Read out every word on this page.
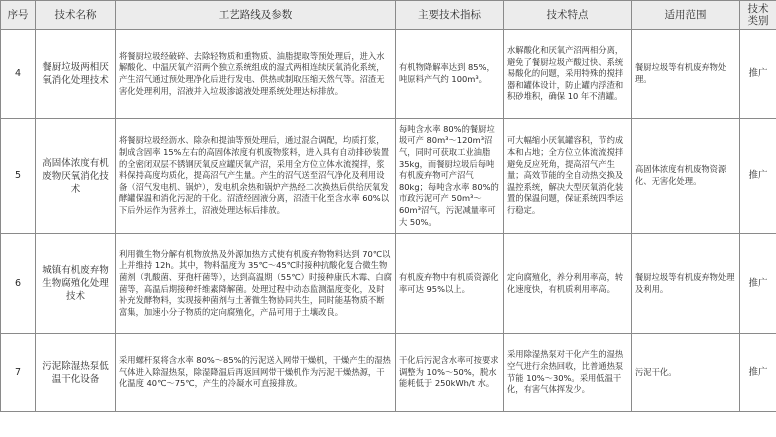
序号	技术名称	工艺路线及参数	主要技术指标	技术特点	适用范围	技术类别
4	餐厨垃圾两相厌氧消化处理技术	将餐厨垃圾经破碎、去除轻物质和重物质、油脂提取等预处理后，进入水解酸化、中温厌氧产沼两个独立系统组成的湿式两相连续厌氧消化系统，产生沼气通过预处理净化后进行发电、供热或制取压缩天然气等。沼渣无害化处理利用，沼液并入垃圾渗滤液处理系统处理达标排放。	有机物降解率达到 85%，吨原料产气约 100m³。	水解酸化和厌氧产沼两相分离，避免了餐厨垃圾产酸过快、系统易酸化的问题，采用特殊的搅拌器和罐体设计，防止罐内浮渣和积砂堆积，确保 10 年不清罐。	餐厨垃圾等有机废弃物处理。	推广
5	高固体浓度有机废物厌氧消化技术	将餐厨垃圾经沥水、除杂和提油等预处理后，通过混合调配，均质打浆，制成含固率 15%左右的高固体浓度有机废物浆料，进入具有自动排砂装置的全密闭双层不锈钢厌氧反应罐厌氧产沼，采用全方位立体水流搅拌，浆料保持高度均质化，提高沼气产生量。产生的沼气送至沼气净化及利用设备（沼气发电机、锅炉），发电机余热和锅炉产热经二次换热后供给厌氧发酵罐保温和消化污泥的干化。沼渣经固液分离，沼渣干化至含水率 60%以下后外运作为营养土，沼液处理达标后排放。	每吨含水率 80%的餐厨垃圾可产 80m³～120m³沼气，同时可获取工业油脂 35kg，而餐厨垃圾后每吨有机废弃物可产沼气 80kg；每吨含水率 80%的市政污泥可产 50m³～60m³沼气，污泥减量率可大 50%。	可大幅缩小厌氧罐容积，节约成本和占地；全方位立体流流搅拌避免反应死角，提高沼气产生量；高效节能的全自动热交换及温控系统，解决大型厌氧消化装置的保温问题，保证系统四季运行稳定。	高固体浓度有机废物资源化、无害化处理。	推广
6	城镇有机废弃物生物腐殖化处理技术	利用微生物分解有机物放热及外源加热方式使有机废弃物物料达到 70℃以上并维持 12h。其中，物料温度为 35℃～45℃时接种抗酸化复合微生物菌剂（乳酸菌、芽孢杆菌等），达到高温期（55℃）时接种康氏木霉、白腐菌等，高温后期接种纤维素降解菌。处理过程中动态监测温度变化，及时补充发酵物料，实现接种菌剂与土著微生物协同共生，同时能基物质不断富集，加速小分子物质的定向腐殖化，产品可用于土壤改良。	有机废弃物中有机质资源化率可达 95%以上。	定向腐殖化，养分利用率高，转化速度快，有机质利用率高。	餐厨垃圾等有机废弃物处理及利用。	推广
7	污泥除湿热泵低温干化设备	采用螺杆泵将含水率 80%～85%的污泥送入网带干燥机，干燥产生的湿热气体进入除湿热泵，除湿降温后再返回网带干燥机作为污泥干燥热源，干化温度 40℃～75℃，产生的冷凝水可直接排放。	干化后污泥含水率可按要求调整为 10%～50%，脱水能耗低于 250kWh/t 水。	采用除湿热泵对干化产生的湿热空气进行余热回收，比普通热泵节能 10%～30%。采用低温干化，有害气体挥发少。	污泥干化。	推广
